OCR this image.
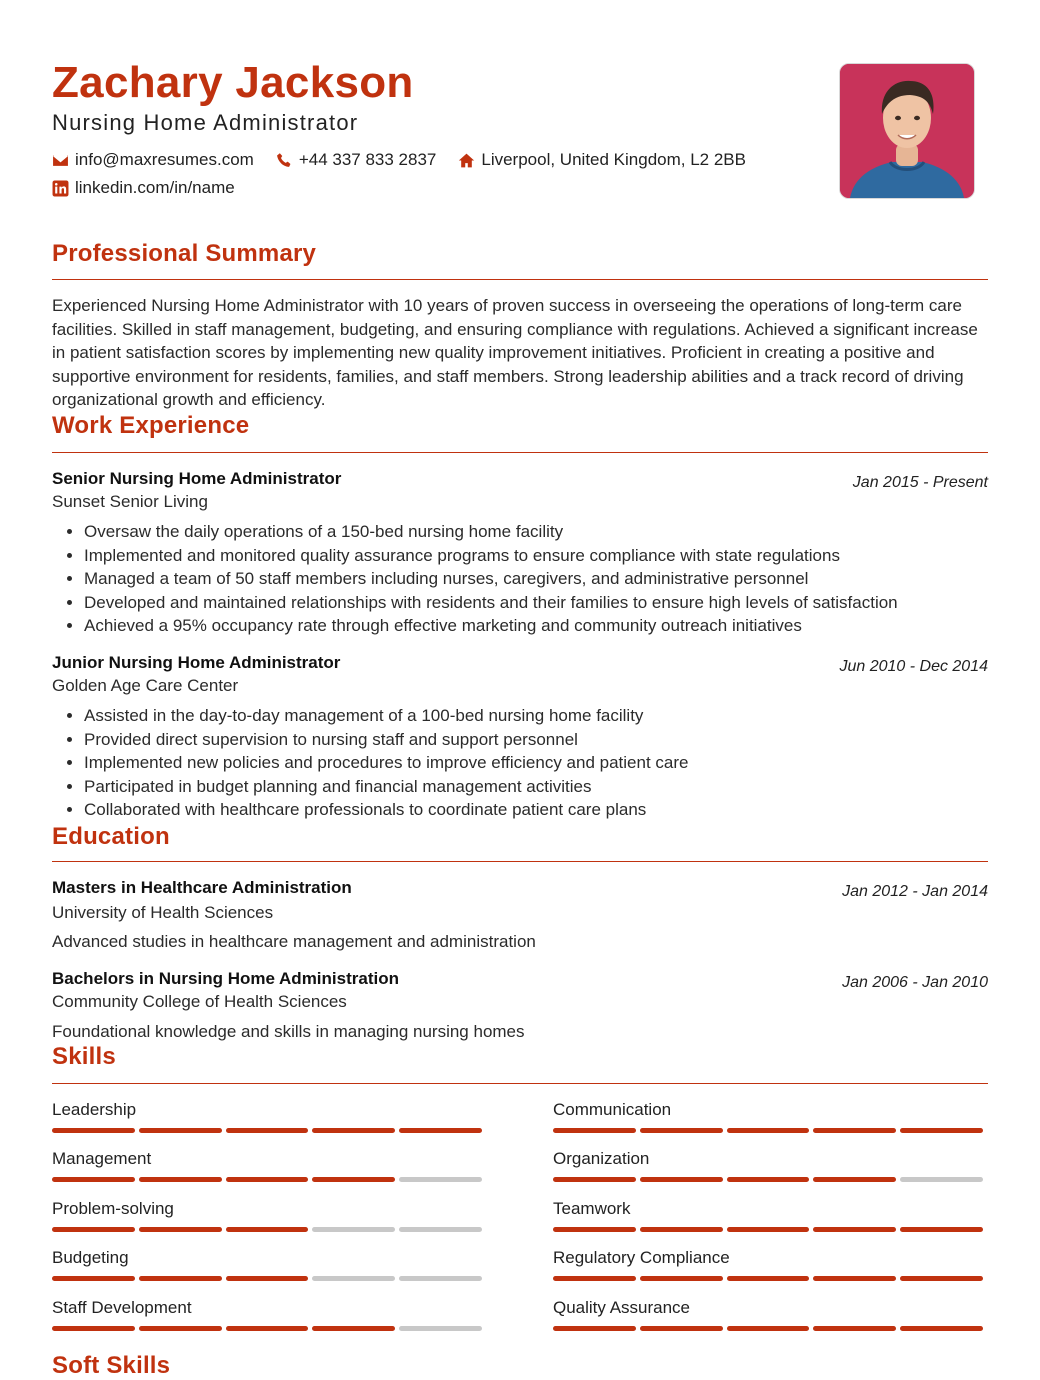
Zachary Jackson
Nursing Home Administrator
info@maxresumes.com	+44 337 833 2837	Liverpool, United Kingdom, L2 2BB
linkedin.com/in/name
Professional Summary

Experienced Nursing Home Administrator with 10 years of proven success in overseeing the operations of long-term care facilities. Skilled in staff management, budgeting, and ensuring compliance with regulations. Achieved a significant increase in patient satisfaction scores by implementing new quality improvement initiatives. Proficient in creating a positive and supportive environment for residents, families, and staff members. Strong leadership abilities and a track record of driving organizational growth and efficiency.

Work Experience
Senior Nursing Home Administrator	Jan 2015 - Present
Sunset Senior Living
• Oversaw the daily operations of a 150-bed nursing home facility
• Implemented and monitored quality assurance programs to ensure compliance with state regulations
• Managed a team of 50 staff members including nurses, caregivers, and administrative personnel
• Developed and maintained relationships with residents and their families to ensure high levels of satisfaction
• Achieved a 95% occupancy rate through effective marketing and community outreach initiatives
Junior Nursing Home Administrator	Jun 2010 - Dec 2014
Golden Age Care Center
• Assisted in the day-to-day management of a 100-bed nursing home facility
• Provided direct supervision to nursing staff and support personnel
• Implemented new policies and procedures to improve efficiency and patient care
• Participated in budget planning and financial management activities
• Collaborated with healthcare professionals to coordinate patient care plans
Education
Masters in Healthcare Administration	Jan 2012 - Jan 2014
University of Health Sciences
Advanced studies in healthcare management and administration
Bachelors in Nursing Home Administration	Jan 2006 - Jan 2010
Community College of Health Sciences
Foundational knowledge and skills in managing nursing homes
Skills
Leadership	Communication
Management	Organization
Problem-solving	Teamwork
Budgeting	Regulatory Compliance
Staff Development	Quality Assurance
Soft Skills
